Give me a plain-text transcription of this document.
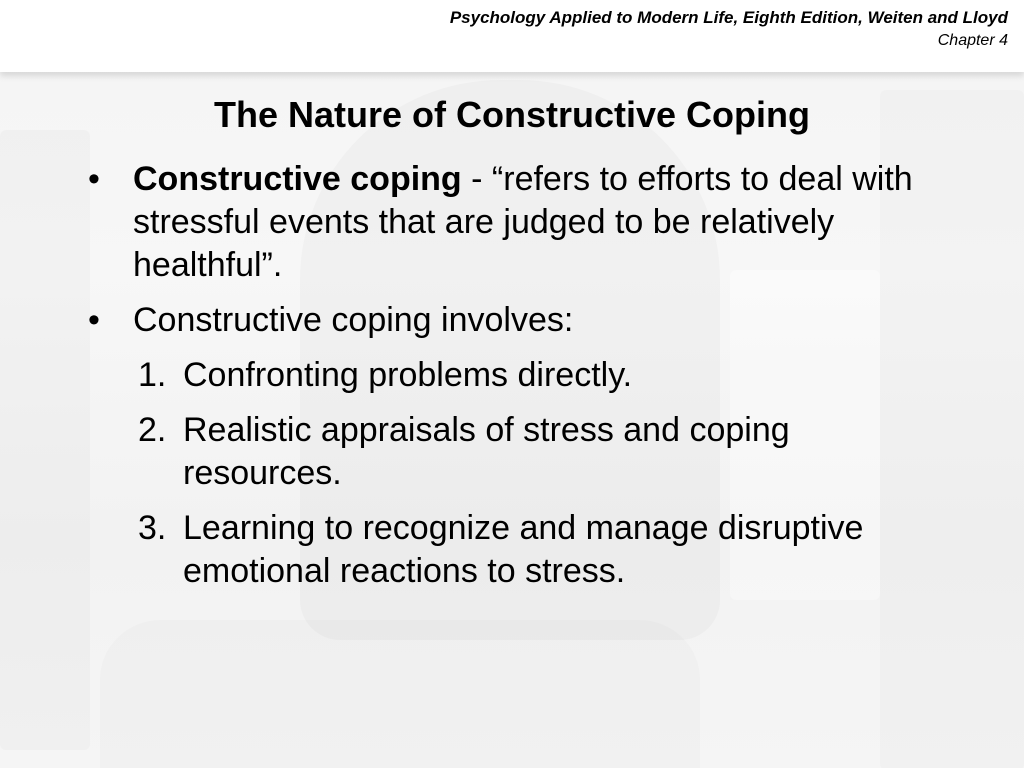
Psychology Applied to Modern Life, Eighth Edition, Weiten and Lloyd
Chapter 4
The Nature of Constructive Coping
• Constructive coping - “refers to efforts to deal with stressful events that are judged to be relatively healthful”.
• Constructive coping involves:
1. Confronting problems directly.
2. Realistic appraisals of stress and coping resources.
3. Learning to recognize and manage disruptive emotional reactions to stress.
